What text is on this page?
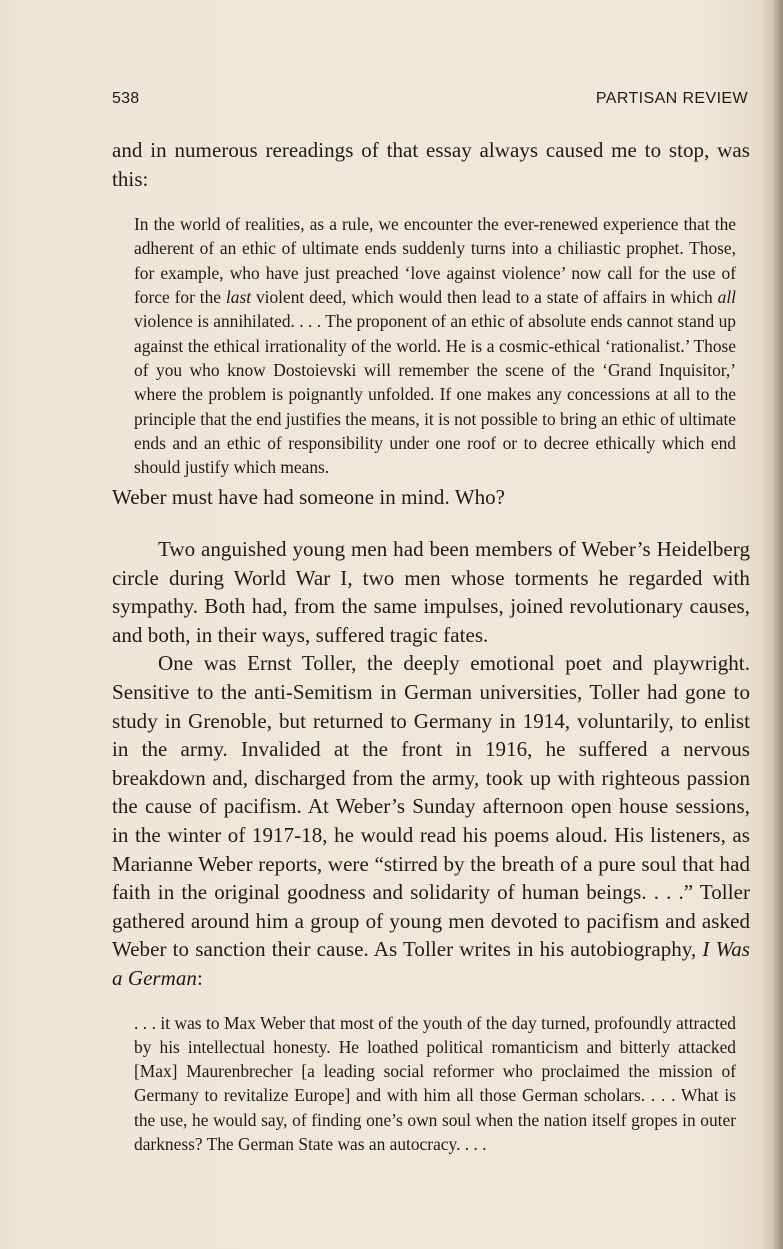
538	PARTISAN REVIEW

and in numerous rereadings of that essay always caused me to stop, was this:

In the world of realities, as a rule, we encounter the ever-renewed experience that the adherent of an ethic of ultimate ends suddenly turns into a chiliastic prophet. Those, for example, who have just preached ‘love against violence’ now call for the use of force for the last violent deed, which would then lead to a state of affairs in which all violence is annihilated. . . . The proponent of an ethic of absolute ends cannot stand up against the ethical irrationality of the world. He is a cosmic-ethical ‘rationalist.’ Those of you who know Dostoievski will remember the scene of the ‘Grand Inquisitor,’ where the problem is poignantly unfolded. If one makes any concessions at all to the principle that the end justifies the means, it is not possible to bring an ethic of ultimate ends and an ethic of responsibility under one roof or to decree ethically which end should justify which means.

Weber must have had someone in mind. Who?

Two anguished young men had been members of Weber’s Heidelberg circle during World War I, two men whose torments he regarded with sympathy. Both had, from the same impulses, joined revolutionary causes, and both, in their ways, suffered tragic fates.

One was Ernst Toller, the deeply emotional poet and playwright. Sensitive to the anti-Semitism in German universities, Toller had gone to study in Grenoble, but returned to Germany in 1914, voluntarily, to enlist in the army. Invalided at the front in 1916, he suffered a nervous breakdown and, discharged from the army, took up with righteous passion the cause of pacifism. At Weber’s Sunday afternoon open house sessions, in the winter of 1917-18, he would read his poems aloud. His listeners, as Marianne Weber reports, were “stirred by the breath of a pure soul that had faith in the original goodness and solidarity of human beings. . . .” Toller gathered around him a group of young men devoted to pacifism and asked Weber to sanction their cause. As Toller writes in his autobiography, I Was a German:

. . . it was to Max Weber that most of the youth of the day turned, profoundly attracted by his intellectual honesty. He loathed political romanticism and bitterly attacked [Max] Maurenbrecher [a leading social reformer who proclaimed the mission of Germany to revitalize Europe] and with him all those German scholars. . . . What is the use, he would say, of finding one’s own soul when the nation itself gropes in outer darkness? The German State was an autocracy. . . .
